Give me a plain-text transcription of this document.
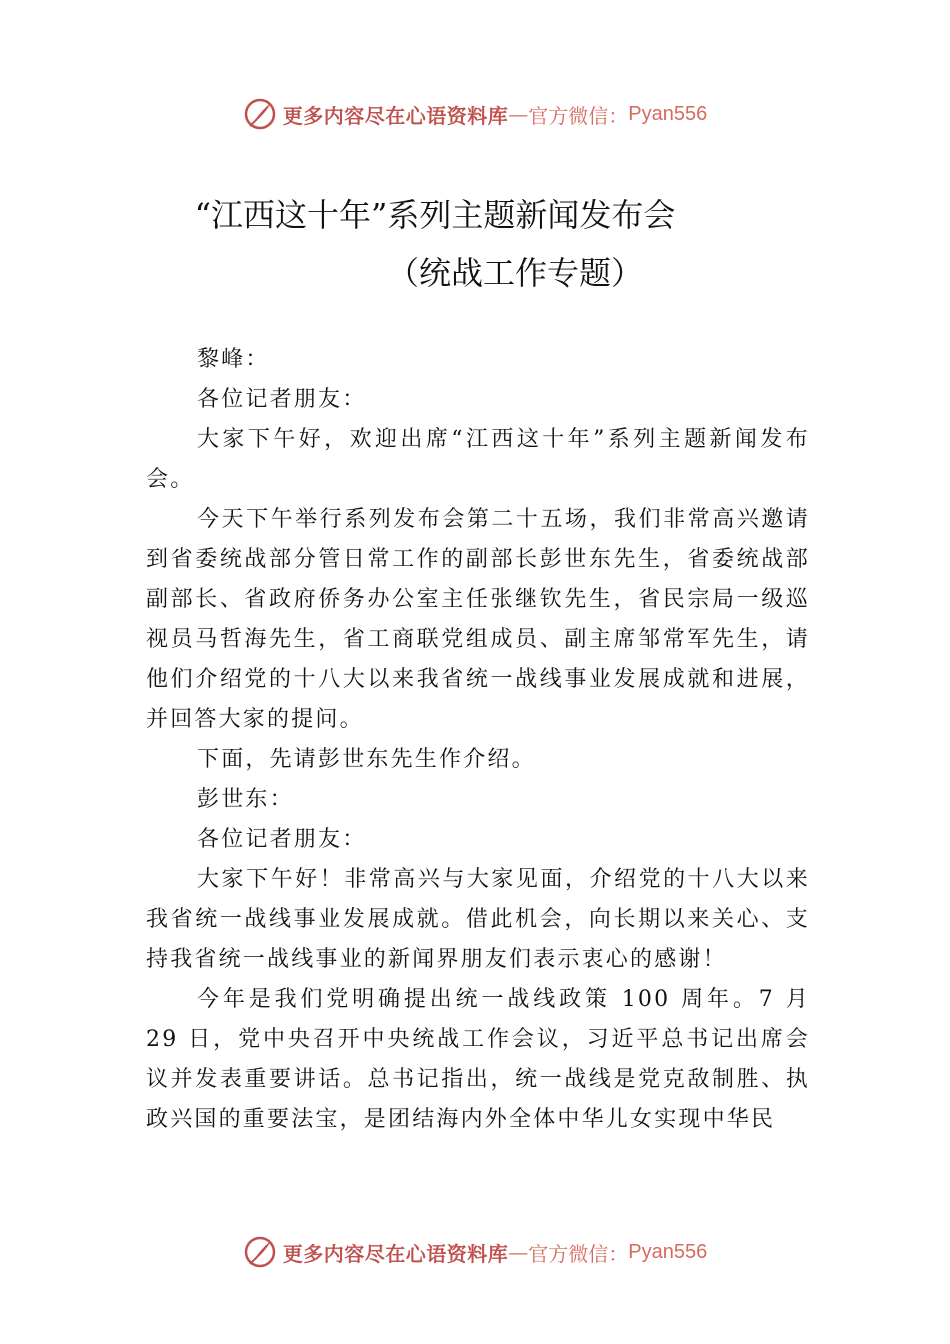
更多内容尽在心语资料库 — 官方微信： Pyan556
“江西这十年”系列主题新闻发布会
（统战工作专题）

黎峰：

各位记者朋友：

大家下午好，欢迎出席“江西这十年”系列主题新闻发布会。

今天下午举行系列发布会第二十五场，我们非常高兴邀请到省委统战部分管日常工作的副部长彭世东先生，省委统战部副部长、省政府侨务办公室主任张继钦先生，省民宗局一级巡视员马哲海先生，省工商联党组成员、副主席邹常军先生，请他们介绍党的十八大以来我省统一战线事业发展成就和进展，并回答大家的提问。

下面，先请彭世东先生作介绍。

彭世东：

各位记者朋友：

大家下午好！非常高兴与大家见面，介绍党的十八大以来我省统一战线事业发展成就。借此机会，向长期以来关心、支持我省统一战线事业的新闻界朋友们表示衷心的感谢！

今年是我们党明确提出统一战线政策 100 周年。7 月 29 日，党中央召开中央统战工作会议，习近平总书记出席会议并发表重要讲话。总书记指出，统一战线是党克敌制胜、执政兴国的重要法宝，是团结海内外全体中华儿女实现中华民

更多内容尽在心语资料库 — 官方微信： Pyan556
